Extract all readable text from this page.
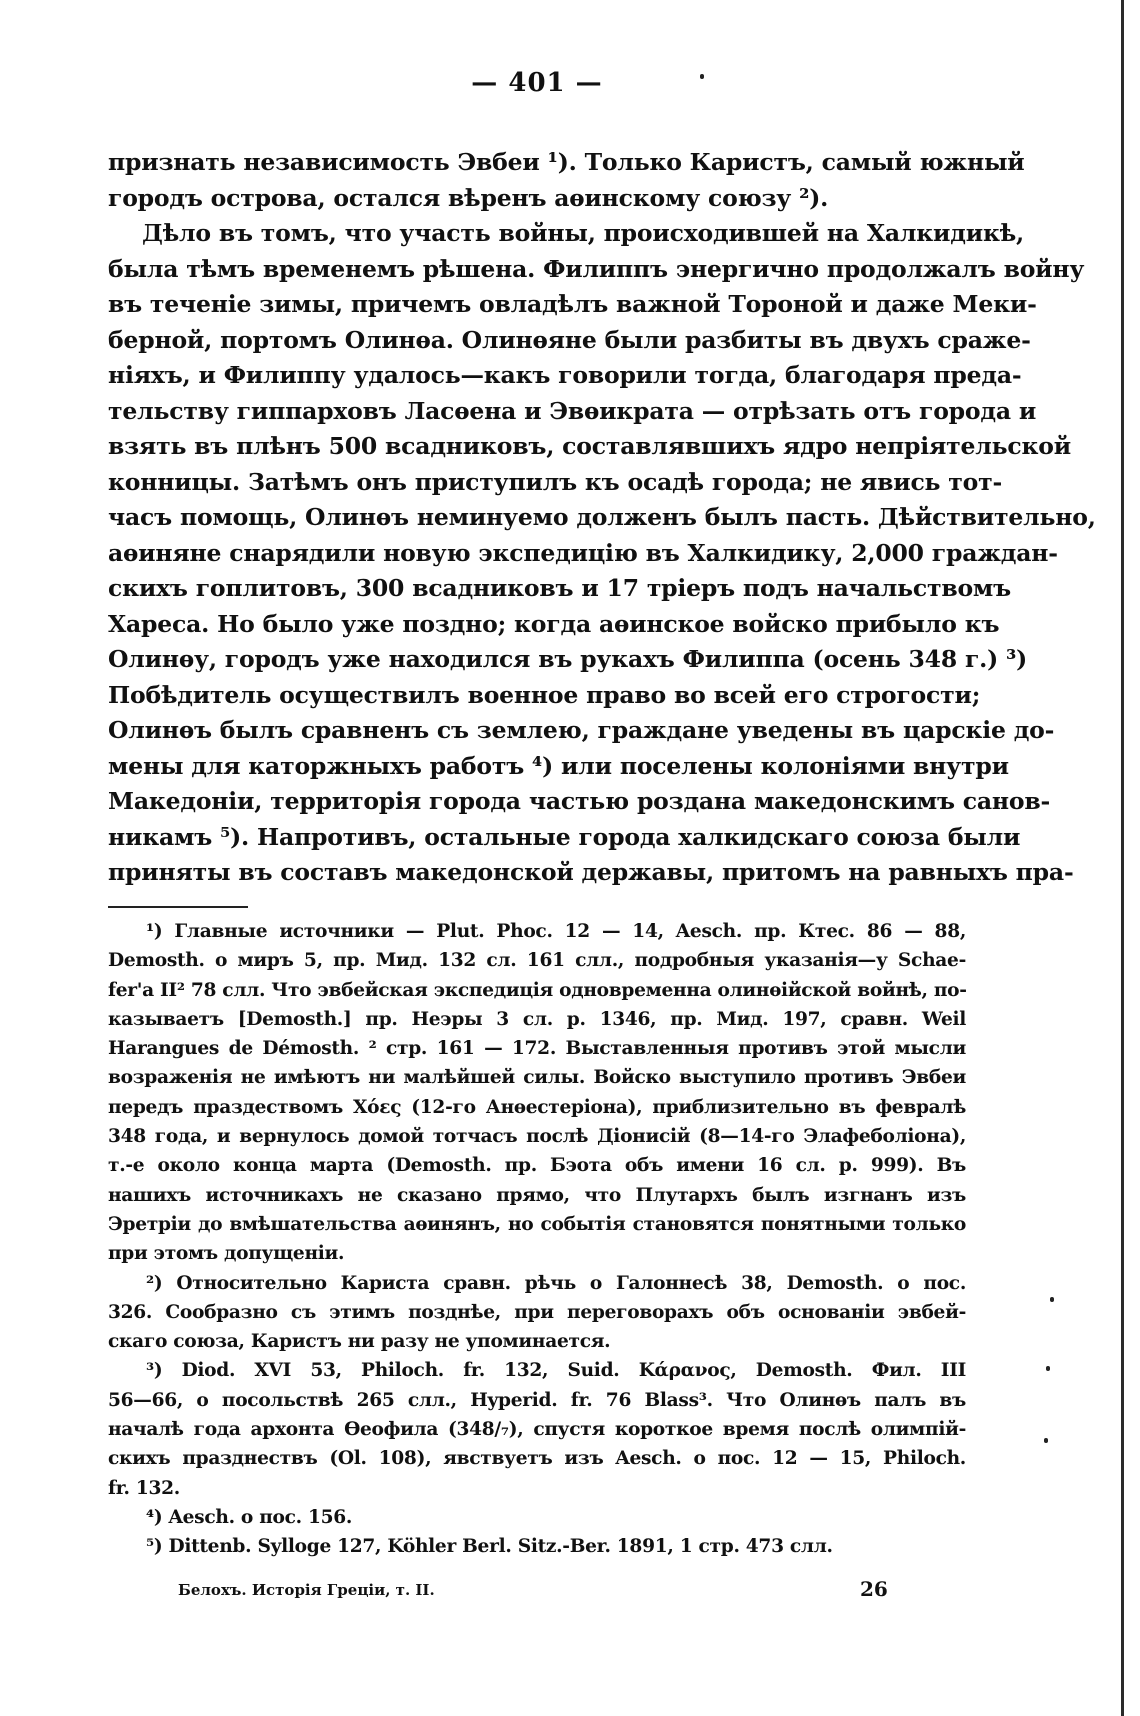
— 401 —
признать независимость Эвбеи ¹). Только Каристъ, самый южный
городъ острова, остался вѣренъ аѳинскому союзу ²).
Дѣло въ томъ, что участь войны, происходившей на Халкидикѣ,
была тѣмъ временемъ рѣшена. Филиппъ энергично продолжалъ войну
въ теченіе зимы, причемъ овладѣлъ важной Тороной и даже Меки-
берной, портомъ Олинѳа. Олинѳяне были разбиты въ двухъ сраже-
ніяхъ, и Филиппу удалось—какъ говорили тогда, благодаря преда-
тельству гиппарховъ Ласѳена и Эвѳикрата — отрѣзать отъ города и
взять въ плѣнъ 500 всадниковъ, составлявшихъ ядро непріятельской
конницы. Затѣмъ онъ приступилъ къ осадѣ города; не явись тот-
часъ помощь, Олинѳъ неминуемо долженъ былъ пасть. Дѣйствительно,
аѳиняне снарядили новую экспедицію въ Халкидику, 2,000 граждан-
скихъ гоплитовъ, 300 всадниковъ и 17 тріеръ подъ начальствомъ
Хареса. Но было уже поздно; когда аѳинское войско прибыло къ
Олинѳу, городъ уже находился въ рукахъ Филиппа (осень 348 г.) ³)
Побѣдитель осуществилъ военное право во всей его строгости;
Олинѳъ былъ сравненъ съ землею, граждане уведены въ царскіе до-
мены для каторжныхъ работъ ⁴) или поселены колоніями внутри
Македоніи, территорія города частью роздана македонскимъ санов-
никамъ ⁵). Напротивъ, остальные города халкидскаго союза были
приняты въ составъ македонской державы, притомъ на равныхъ пра-
¹) Главные источники — Plut. Phoc. 12 — 14, Aesch. пр. Ктес. 86 — 88,
Demosth. о миръ 5, пр. Мид. 132 сл. 161 слл., подробныя указанія—у Schae-
fer'a II² 78 слл. Что эвбейская экспедиція одновременна олинѳійской войнѣ, по-
казываетъ [Demosth.] пр. Неэры 3 сл. p. 1346, пр. Мид. 197, сравн. Weil
Harangues de Démosth. ² стр. 161 — 172. Выставленныя противъ этой мысли
возраженія не имѣютъ ни малѣйшей силы. Войско выступило противъ Эвбеи
передъ праздествомъ Χόες (12-го Анѳестеріона), приблизительно въ февралѣ
348 года, и вернулось домой тотчасъ послѣ Діонисій (8—14-го Элафеболіона),
т.-е около конца марта (Demosth. пр. Бэота объ имени 16 сл. p. 999). Въ
нашихъ источникахъ не сказано прямо, что Плутархъ былъ изгнанъ изъ
Эретріи до вмѣшательства аѳинянъ, но событія становятся понятными только
при этомъ допущеніи.
²) Относительно Кариста сравн. рѣчь о Галоннесѣ 38, Demosth. о пос.
326. Сообразно съ этимъ позднѣе, при переговорахъ объ основаніи эвбей-
скаго союза, Каристъ ни разу не упоминается.
³) Diod. XVI 53, Philoch. fr. 132, Suid. Κάρανος, Demosth. Фил. III
56—66, о посольствѣ 265 слл., Hyperid. fr. 76 Blass³. Что Олинѳъ палъ въ
началѣ года архонта Ѳеофила (348/₇), спустя короткое время послѣ олимпій-
скихъ празднествъ (Ol. 108), явствуетъ изъ Aesch. о пос. 12 — 15, Philoch.
fr. 132.
⁴) Aesch. о пос. 156.
⁵) Dittenb. Sylloge 127, Köhler Berl. Sitz.-Ber. 1891, 1 стр. 473 слл.
Белохъ. Исторія Греціи, т. II.	26
